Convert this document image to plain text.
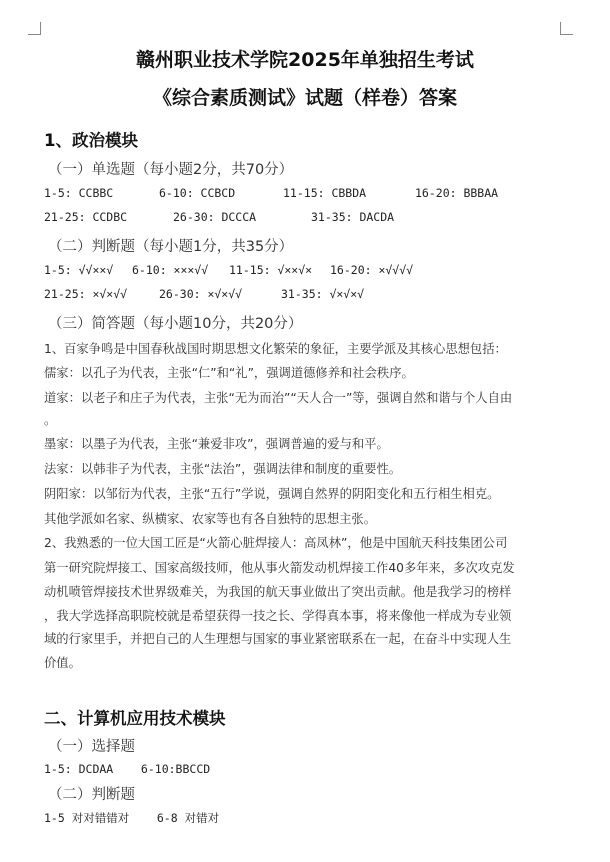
赣州职业技术学院2025年单独招生考试
《综合素质测试》试题（样卷）答案
1、政治模块
（一）单选题（每小题2分，共70分）
1-5: CCBBC	6-10: CCBCD	11-15: CBBDA	16-20: BBBAA
21-25: CCDBC	26-30: DCCCA	31-35: DACDA
（二）判断题（每小题1分，共35分）
1-5: √√××√ 6-10: ×××√√ 11-15: √××√× 16-20: ×√√√√
21-25: ×√×√√	26-30: ×√×√√	31-35: √×√×√
（三）简答题（每小题10分，共20分）
1、百家争鸣是中国春秋战国时期思想文化繁荣的象征，主要学派及其核心思想包括：
儒家：以孔子为代表，主张“仁”和“礼”，强调道德修养和社会秩序。
道家：以老子和庄子为代表，主张“无为而治”“天人合一”等，强调自然和谐与个人自由
。
墨家：以墨子为代表，主张“兼爱非攻”，强调普遍的爱与和平。
法家：以韩非子为代表，主张“法治”，强调法律和制度的重要性。
阴阳家：以邹衍为代表，主张“五行”学说，强调自然界的阴阳变化和五行相生相克。
其他学派如名家、纵横家、农家等也有各自独特的思想主张。
2、我熟悉的一位大国工匠是“火箭心脏焊接人：高凤林”，他是中国航天科技集团公司
第一研究院焊接工、国家高级技师，他从事火箭发动机焊接工作40多年来，多次攻克发
动机喷管焊接技术世界级难关，为我国的航天事业做出了突出贡献。他是我学习的榜样
，我大学选择高职院校就是希望获得一技之长、学得真本事，将来像他一样成为专业领
域的行家里手，并把自己的人生理想与国家的事业紧密联系在一起，在奋斗中实现人生
价值。
二、计算机应用技术模块
（一）选择题
1-5: DCDAA    6-10:BBCCD
（二）判断题
1-5 对对错错对    6-8 对错对
